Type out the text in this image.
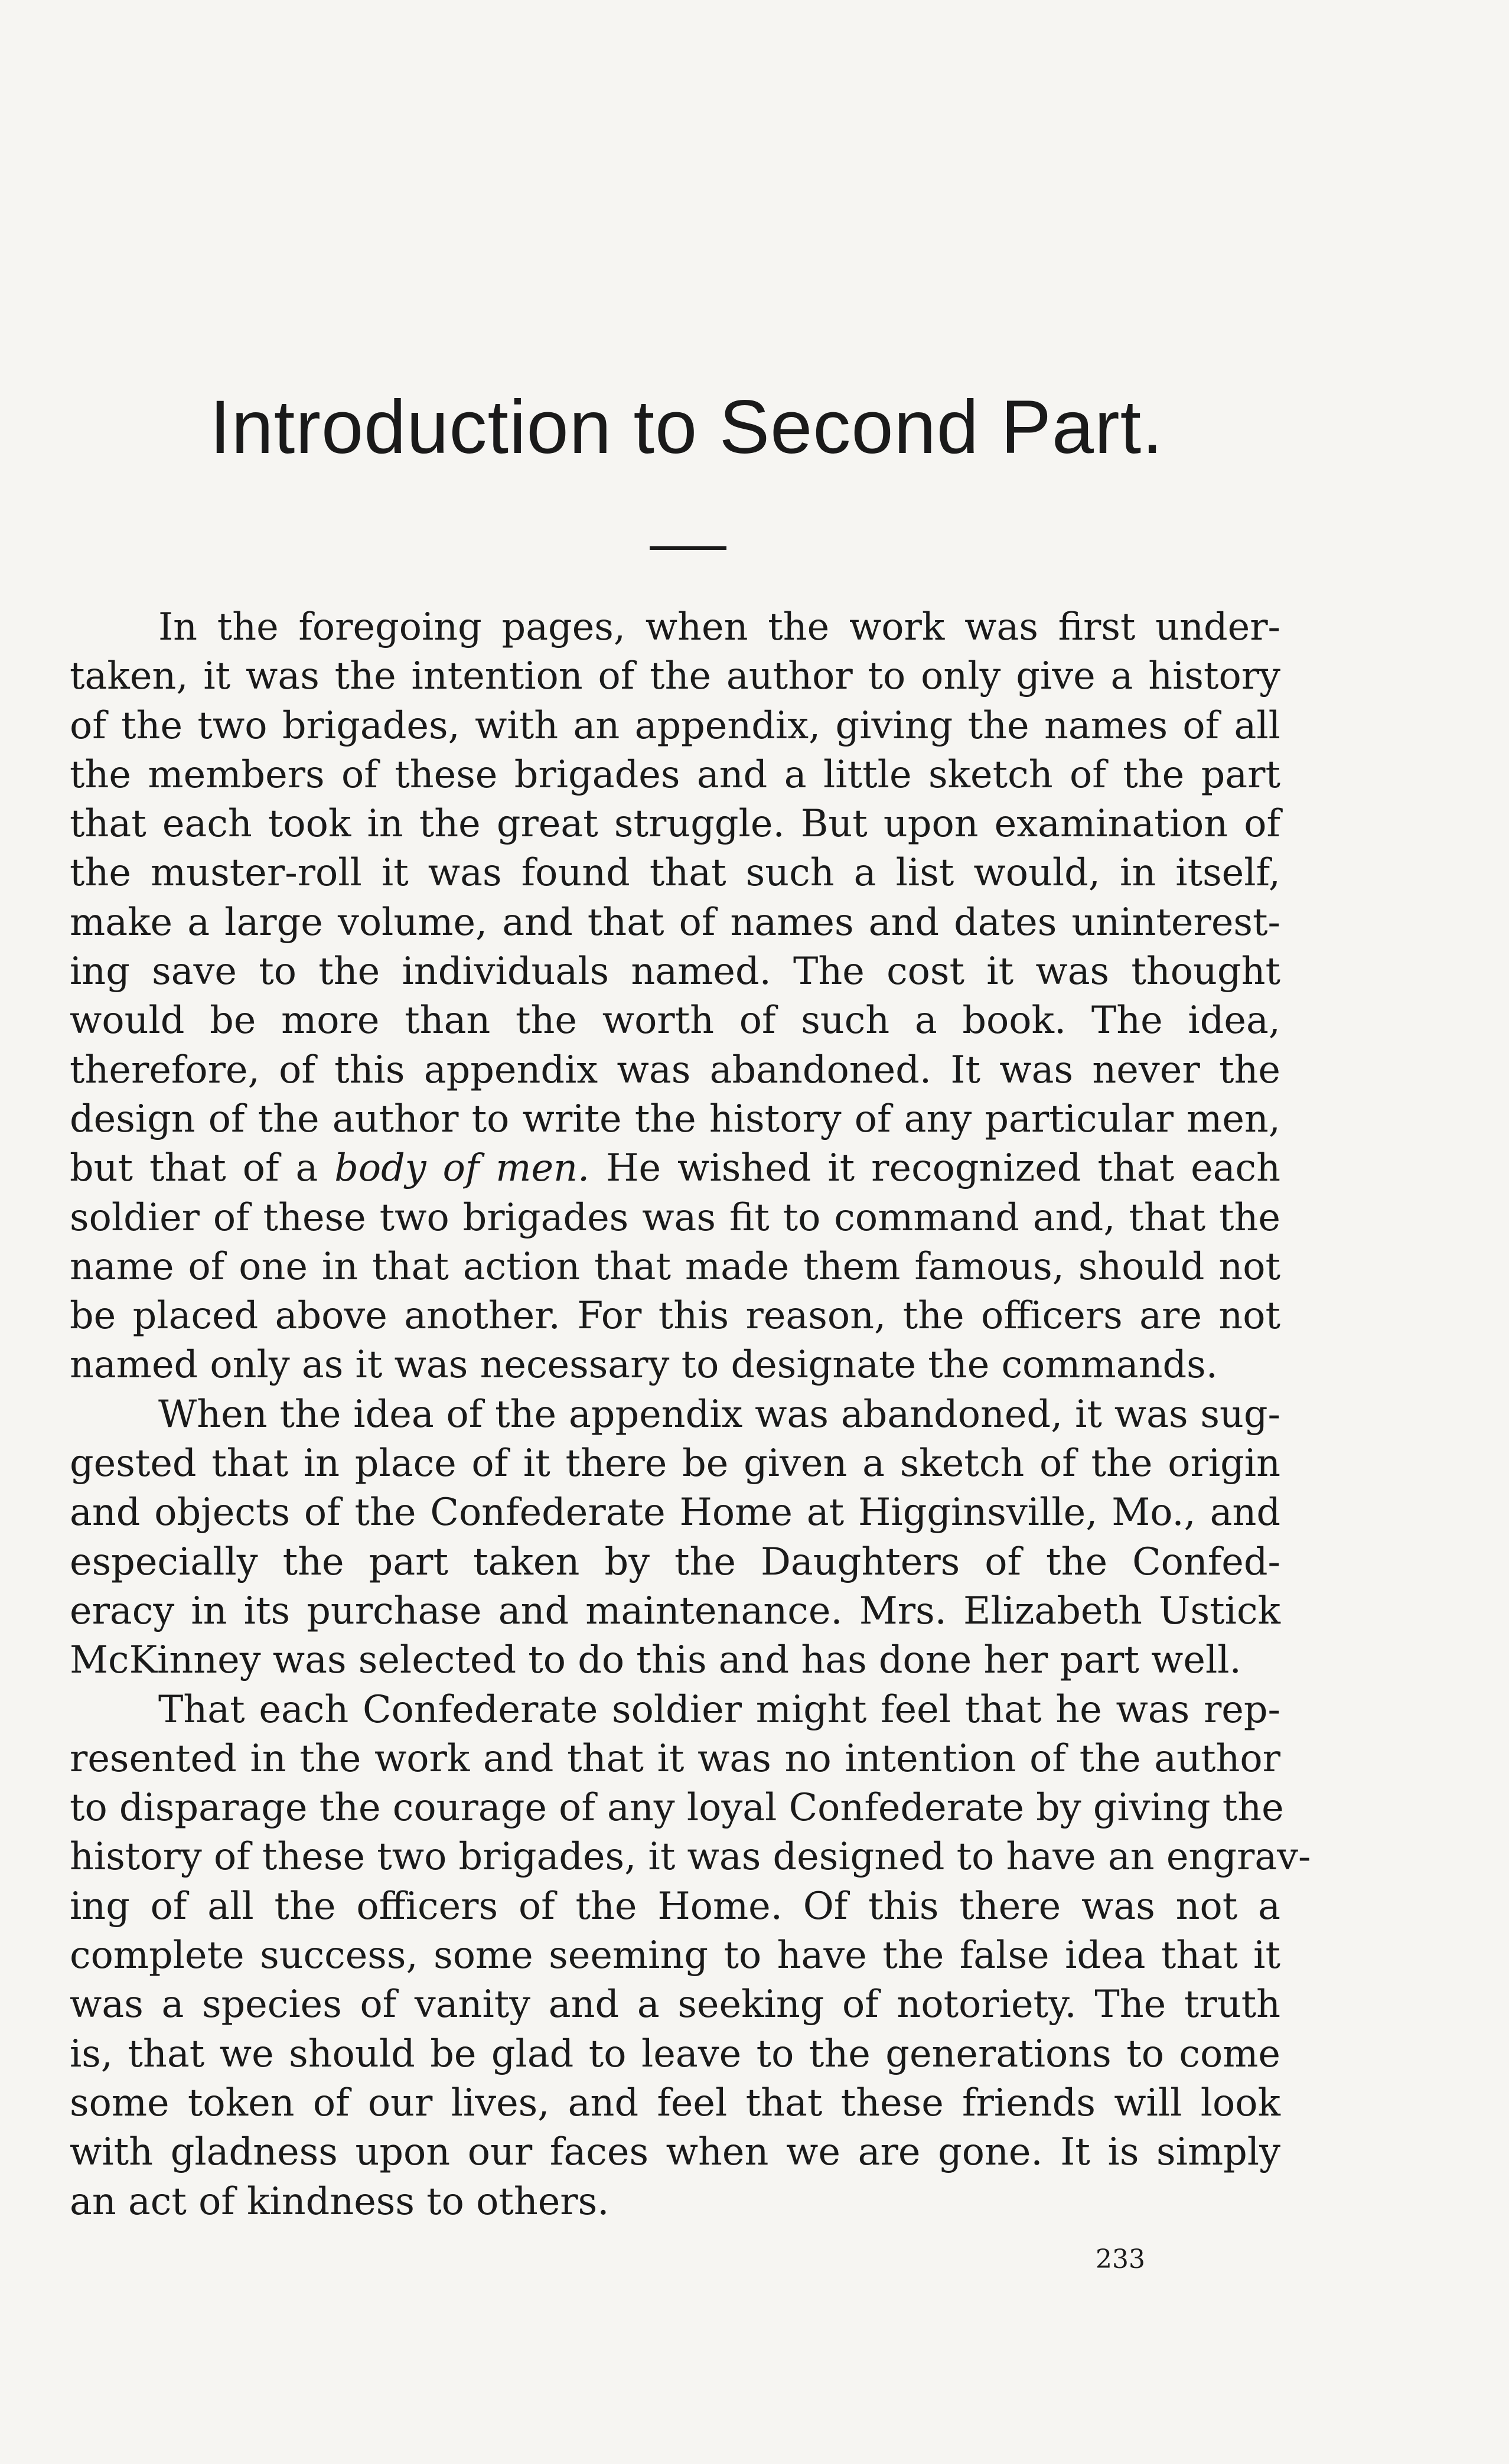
Introduction to Second Part.
In the foregoing pages, when the work was first under-
taken, it was the intention of the author to only give a history
of the two brigades, with an appendix, giving the names of all
the members of these brigades and a little sketch of the part
that each took in the great struggle. But upon examination of
the muster-roll it was found that such a list would, in itself,
make a large volume, and that of names and dates uninterest-
ing save to the individuals named. The cost it was thought
would be more than the worth of such a book. The idea,
therefore, of this appendix was abandoned. It was never the
design of the author to write the history of any particular men,
but that of a body of men. He wished it recognized that each
soldier of these two brigades was fit to command and, that the
name of one in that action that made them famous, should not
be placed above another. For this reason, the officers are not
named only as it was necessary to designate the commands.
When the idea of the appendix was abandoned, it was sug-
gested that in place of it there be given a sketch of the origin
and objects of the Confederate Home at Higginsville, Mo., and
especially the part taken by the Daughters of the Confed-
eracy in its purchase and maintenance. Mrs. Elizabeth Ustick
McKinney was selected to do this and has done her part well.
That each Confederate soldier might feel that he was rep-
resented in the work and that it was no intention of the author
to disparage the courage of any loyal Confederate by giving the
history of these two brigades, it was designed to have an engrav-
ing of all the officers of the Home. Of this there was not a
complete success, some seeming to have the false idea that it
was a species of vanity and a seeking of notoriety. The truth
is, that we should be glad to leave to the generations to come
some token of our lives, and feel that these friends will look
with gladness upon our faces when we are gone. It is simply
an act of kindness to others.
233
